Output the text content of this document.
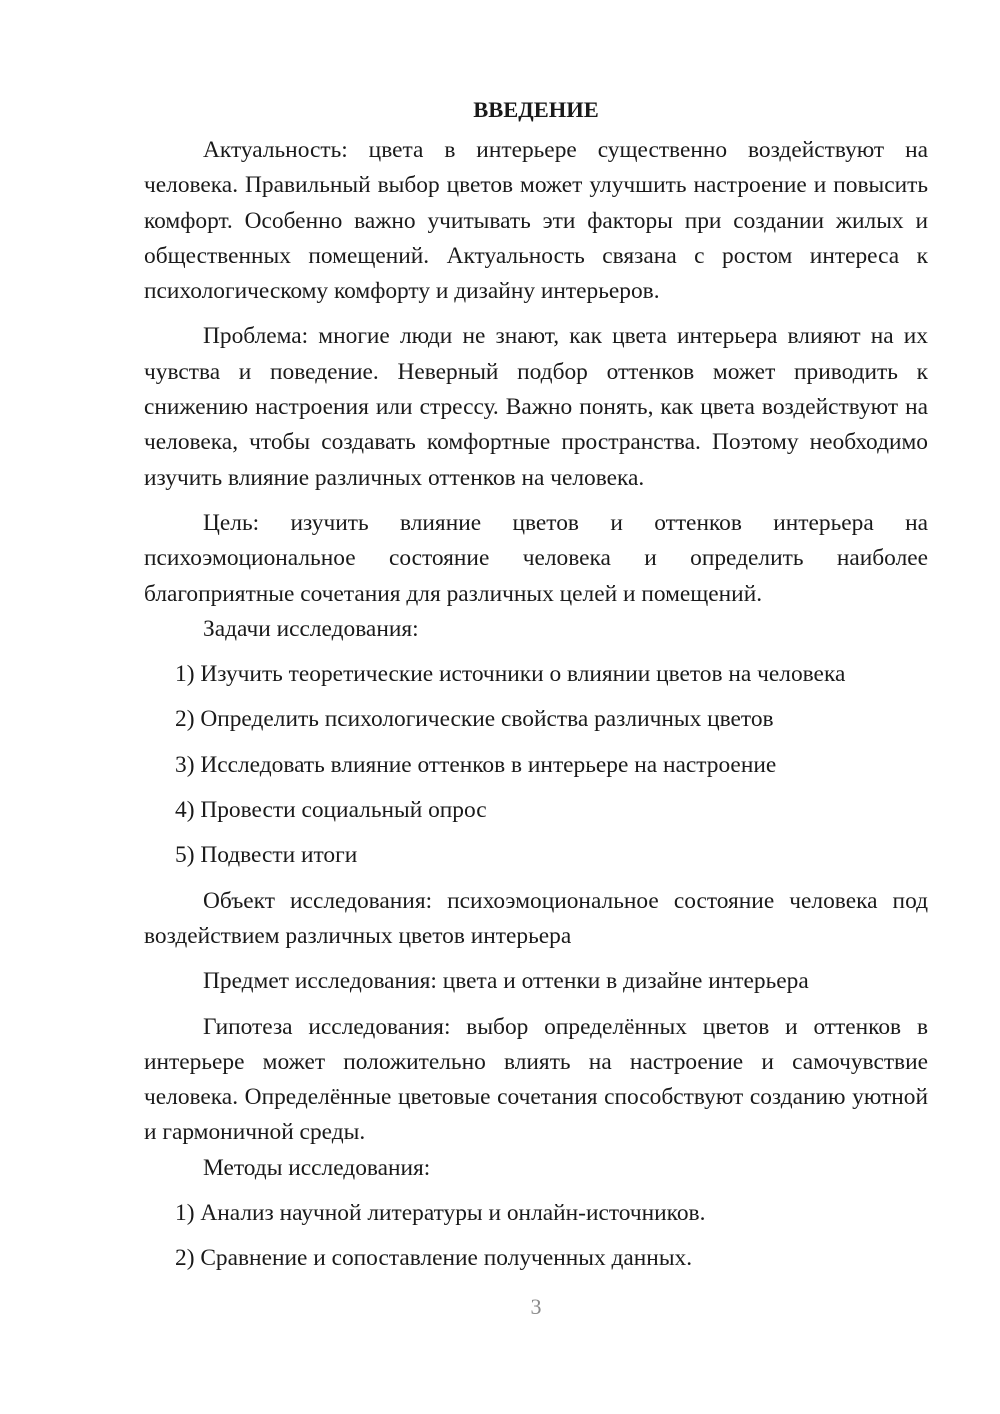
ВВЕДЕНИЕ

Актуальность: цвета в интерьере существенно воздействуют на человека. Правильный выбор цветов может улучшить настроение и повысить комфорт. Особенно важно учитывать эти факторы при создании жилых и общественных помещений. Актуальность связана с ростом интереса к психологическому комфорту и дизайну интерьеров.

Проблема: многие люди не знают, как цвета интерьера влияют на их чувства и поведение. Неверный подбор оттенков может приводить к снижению настроения или стрессу. Важно понять, как цвета воздействуют на человека, чтобы создавать комфортные пространства. Поэтому необходимо изучить влияние различных оттенков на человека.

Цель: изучить влияние цветов и оттенков интерьера на психоэмоциональное состояние человека и определить наиболее благоприятные сочетания для различных целей и помещений.

Задачи исследования:

1) Изучить теоретические источники о влиянии цветов на человека

2) Определить психологические свойства различных цветов

3) Исследовать влияние оттенков в интерьере на настроение

4) Провести социальный опрос

5) Подвести итоги

Объект исследования: психоэмоциональное состояние человека под воздействием различных цветов интерьера

Предмет исследования: цвета и оттенки в дизайне интерьера

Гипотеза исследования: выбор определённых цветов и оттенков в интерьере может положительно влиять на настроение и самочувствие человека. Определённые цветовые сочетания способствуют созданию уютной и гармоничной среды.

Методы исследования:

1) Анализ научной литературы и онлайн-источников.

2) Сравнение и сопоставление полученных данных.

3
